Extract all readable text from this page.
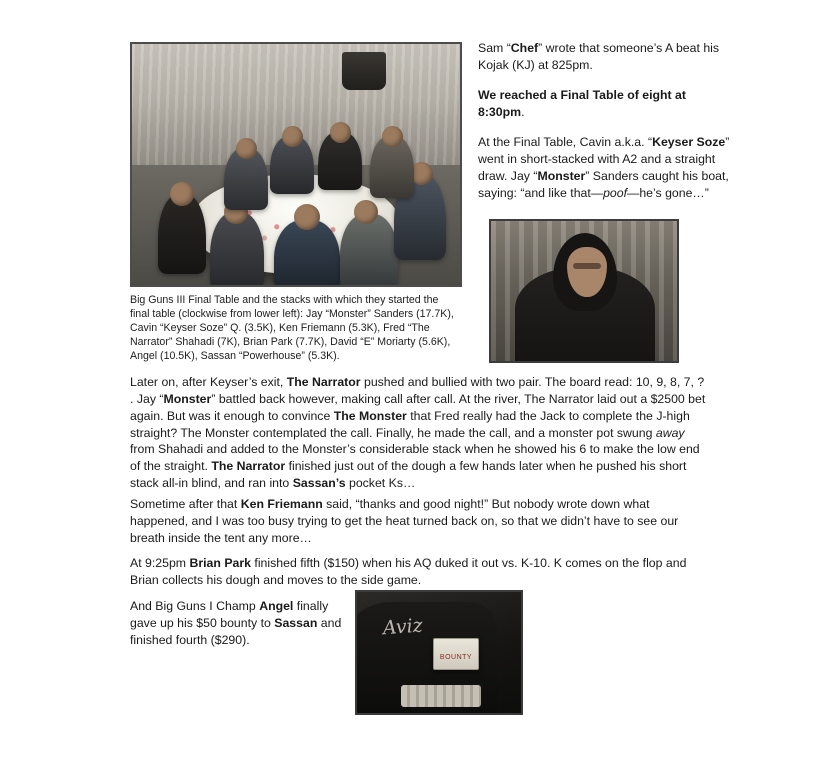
Big Guns III Final Table and the stacks with which they started the final table (clockwise from lower left): Jay “Monster” Sanders (17.7K), Cavin “Keyser Soze” Q. (3.5K), Ken Friemann (5.3K), Fred “The Narrator” Shahadi (7K), Brian Park (7.7K), David “E” Moriarty (5.6K), Angel (10.5K), Sassan “Powerhouse” (5.3K).

Sam “Chef” wrote that someone’s A beat his Kojak (KJ) at 825pm.

We reached a Final Table of eight at 8:30pm.

At the Final Table, Cavin a.k.a. “Keyser Soze” went in short-stacked with A2 and a straight draw. Jay “Monster” Sanders caught his boat, saying: “and like that—poof—he’s gone…”

Later on, after Keyser’s exit, The Narrator pushed and bullied with two pair. The board read: 10, 9, 8, 7, ? . Jay “Monster” battled back however, making call after call. At the river, The Narrator laid out a $2500 bet again. But was it enough to convince The Monster that Fred really had the Jack to complete the J-high straight? The Monster contemplated the call. Finally, he made the call, and a monster pot swung away from Shahadi and added to the Monster’s considerable stack when he showed his 6 to make the low end of the straight. The Narrator finished just out of the dough a few hands later when he pushed his short stack all-in blind, and ran into Sassan’s pocket Ks…

Sometime after that Ken Friemann said, “thanks and good night!” But nobody wrote down what happened, and I was too busy trying to get the heat turned back on, so that we didn’t have to see our breath inside the tent any more…

At 9:25pm Brian Park finished fifth ($150) when his AQ duked it out vs. K-10. K comes on the flop and Brian collects his dough and moves to the side game.

And Big Guns I Champ Angel finally gave up his $50 bounty to Sassan and finished fourth ($290).

Aviz
BOUNTY
